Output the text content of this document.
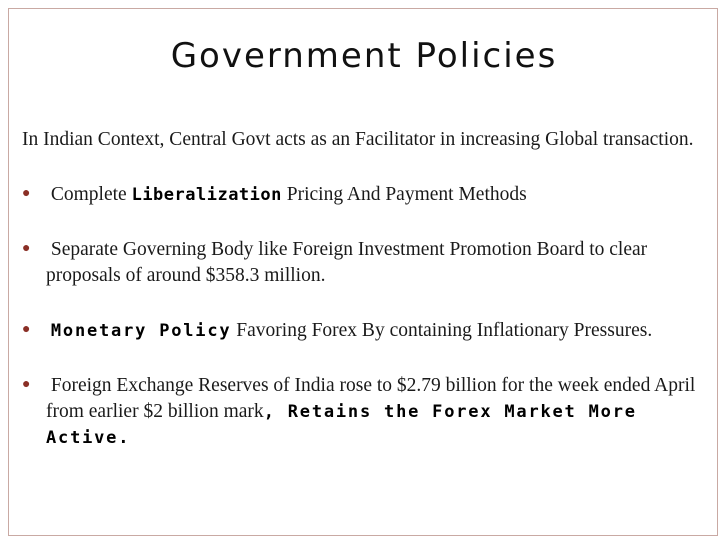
Government Policies

In Indian Context, Central Govt acts as an Facilitator in increasing Global transaction.

● Complete Liberalization Pricing And Payment Methods

● Separate Governing Body like Foreign Investment Promotion Board to clear proposals of around $358.3 million.

● Monetary Policy Favoring Forex By containing Inflationary Pressures.

● Foreign Exchange Reserves of India rose to $2.79 billion for the week ended April from earlier $2 billion mark, Retains the Forex Market More Active.
